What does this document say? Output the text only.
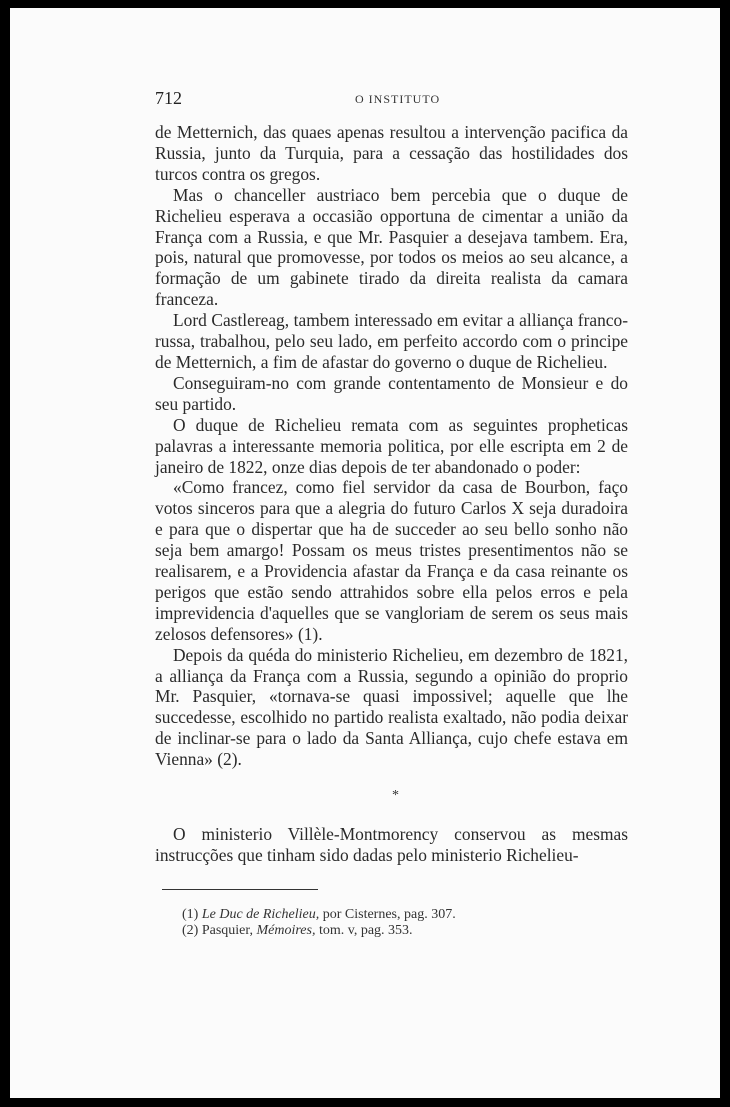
712	O INSTITUTO

de Metternich, das quaes apenas resultou a intervenção pacifica da Russia, junto da Turquia, para a cessação das hostilidades dos turcos contra os gregos.

Mas o chanceller austriaco bem percebia que o duque de Richelieu esperava a occasião opportuna de cimentar a união da França com a Russia, e que Mr. Pasquier a desejava tambem. Era, pois, natural que promovesse, por todos os meios ao seu alcance, a formação de um gabinete tirado da direita realista da camara franceza.

Lord Castlereag, tambem interessado em evitar a alliança franco-russa, trabalhou, pelo seu lado, em perfeito accordo com o principe de Metternich, a fim de afastar do governo o duque de Richelieu.

Conseguiram-no com grande contentamento de Monsieur e do seu partido.

O duque de Richelieu remata com as seguintes propheticas palavras a interessante memoria politica, por elle escripta em 2 de janeiro de 1822, onze dias depois de ter abandonado o poder:

«Como francez, como fiel servidor da casa de Bourbon, faço votos sinceros para que a alegria do futuro Carlos X seja duradoira e para que o dispertar que ha de succeder ao seu bello sonho não seja bem amargo! Possam os meus tristes presentimentos não se realisarem, e a Providencia afastar da França e da casa reinante os perigos que estão sendo attrahidos sobre ella pelos erros e pela imprevidencia d'aquelles que se vangloriam de serem os seus mais zelosos defensores» (1).

Depois da quéda do ministerio Richelieu, em dezembro de 1821, a alliança da França com a Russia, segundo a opinião do proprio Mr. Pasquier, «tornava-se quasi impossivel; aquelle que lhe succedesse, escolhido no partido realista exaltado, não podia deixar de inclinar-se para o lado da Santa Alliança, cujo chefe estava em Vienna» (2).

*

O ministerio Villèle-Montmorency conservou as mesmas instrucções que tinham sido dadas pelo ministerio Richelieu-

(1) Le Duc de Richelieu, por Cisternes, pag. 307.
(2) Pasquier, Mémoires, tom. v, pag. 353.
